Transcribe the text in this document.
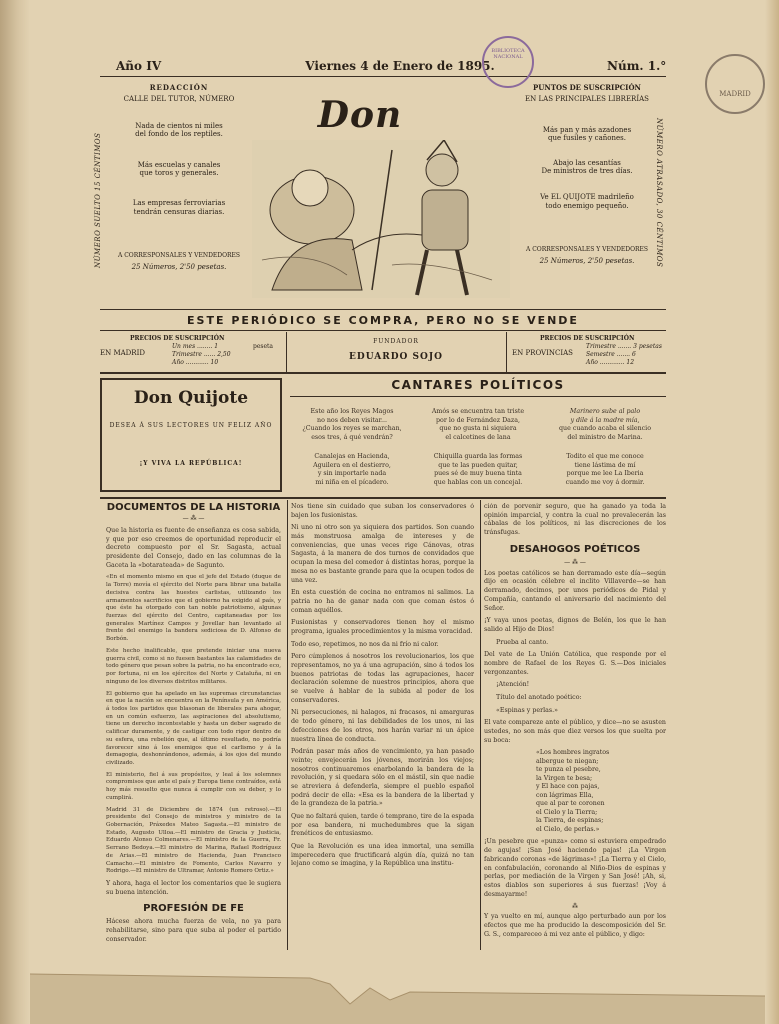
Año IV	Viernes 4 de Enero de 1895.	Núm. 1.°
BIBLIOTECA NACIONAL
MADRID
NÚMERO SUELTO 15 CÉNTIMOS	NÚMERO ATRASADO, 30 CÉNTIMOS
REDACCIÓN
CALLE DEL TUTOR, NÚMERO
Nada de cientos ni miles
del fondo de los reptiles.
Más escuelas y canales
que toros y generales.
Las empresas ferroviarias
tendrán censuras diarias.
A CORRESPONSALES Y VENDEDORES
25 Números, 2'50 pesetas.
PUNTOS DE SUSCRIPCIÓN
EN LAS PRINCIPALES LIBRERÍAS
Más pan y más azadones
que fusiles y cañones.
Abajo las cesantías
De ministros de tres días.
Ve EL QUIJOTE madrileño
todo enemigo pequeño.
A CORRESPONSALES Y VENDEDORES
25 Números, 2'50 pesetas.
Don
ESTE PERIÓDICO SE COMPRA, PERO NO SE VENDE
PRECIOS DE SUSCRIPCIÓN
EN MADRID
Un mes ........ 1
Trimestre ...... 2,50
Año ............ 10
peseta
FUNDADOR
EDUARDO SOJO
PRECIOS DE SUSCRIPCIÓN
EN PROVINCIAS
Trimestre ....... 3 pesetas
Semestre ....... 6
Año ............. 12
Don Quijote
DESEA Á SUS LECTORES UN FELIZ AÑO
¡Y VIVA LA REPÚBLICA!
CANTARES POLÍTICOS
Este año los Reyes Magos
no nos deben visitar...
¿Cuando los reyes se marchan,
esos tres, á qué vendrán?
Amós se encuentra tan triste
por lo de Fernández Daza,
que no gusta ni siquiera
el calcetines de lana
Marinero sube al palo
y dile á la madre mía,
que cuando acaba el silencio
del ministro de Marina.
Canalejas en Hacienda,
Aguilera en el destierro,
y sin importarle nada
mi niña en el pícadero.
Chiquilla guarda las formas
que te las pueden quitar,
pues sé de muy buena tinta
que hablas con un concejal.
Todito el que me conoce
tiene lástima de mí
porque me lee La Iberia
cuando me voy á dormir.
DOCUMENTOS DE LA HISTORIA
— ⁂ —

Que la historia es fuente de enseñanza es cosa sabida, y que por eso creemos de oportunidad reproducir el decreto compuesto por el Sr. Sagasta, actual presidente del Consejo, dado en las columnas de la Gaceta la «botarateada» de Sagunto.

«En el momento mismo en que el jefe del Estado (duque de la Torre) movía el ejército del Norte para librar una batalla decisiva contra las huestes carlistas, utilizando los armamentos sacrificios que el gobierno ha exigido al país, y que éste ha otorgado con tan noble patriotismo, algunas fuerzas del ejército del Centro, capitaneadas por los generales Martínez Campos y Jovellar han levantado al frente del enemigo la bandera sediciosa de D. Alfonso de Borbón.

Este hecho inalificable, que pretende iniciar una nueva guerra civil, como si no fuesen bastantes las calamidades de todo género que pesan sobre la patria, no ha encontrado eco, por fortuna, ni en los ejércitos del Norte y Cataluña, ni en ninguno de los diversos distritos militares.

El gobierno que ha apelado en las supremas circunstancias en que la nación se encuentra en la Península y en América, á todos los partidos que blasonan de liberales para ahogar, en un común esfuerzo, las aspiraciones del absolutismo, tiene un derecho incontestable y hasta un deber sagrado de calificar duramente, y de castigar con todo rigor dentro de su esfera, una rebelión que, al último resultado, no podría favorecer sino á los enemigos que el carlismo y á la demagogia, deshonrándonos, además, á los ojos del mundo civilizado.

El ministerio, fiel á sus propósitos, y leal á los solemnes compromisos que ante el país y Europa tiene contraídos, está hoy más resuelto que nunca á cumplir con su deber, y lo cumplirá.

Madrid 31 de Diciembre de 1874 (un retroso).—El presidente del Consejo de ministros y ministro de la Gobernación, Práxedes Mateo Sagasta.—El ministro de Estado, Augusto Ulloa.—El ministro de Gracia y Justicia, Eduardo Alonso Colmenares.—El ministro de la Guerra, Fr. Serrano Bedoya.—El ministro de Marina, Rafael Rodríguez de Arias.—El ministro de Hacienda, Juan Francisco Camacho.—El ministro de Fomento, Carlos Navarro y Rodrigo.—El ministro de Ultramar, Antonio Romero Ortiz.»

Y ahora, haga el lector los comentarios que le sugiera su buena intención.

PROFESIÓN DE FE

Hácese ahora mucha fuerza de vela, no ya para rehabilitarse, sino para que suba al poder el partido conservador.

Nos tiene sin cuidado que suban los conservadores ó bajen los fusionistas.

Ni uno ni otro son ya siquiera dos partidos. Son cuando más monstruosa amalga de intereses y de conveniencias, que unas veces rige Cánovas, otras Sagasta, á la manera de dos turnos de convidados que ocupan la mesa del comedor á distintas horas, porque la mesa no es bastante grande para que la ocupen todos de una vez.

En esta cuestión de cocina no entramos ni salimos. La patria no ha de ganar nada con que coman éstos ó coman aquéllos.

Fusionistas y conservadores tienen hoy el mismo programa, iguales procedimientos y la misma voracidad.

Todo eso, repetimos, no nos da ni frío ni calor.

Pero cúmplenos á nosotros los revolucionarios, los que representamos, no ya á una agrupación, sino á todos los buenos patriotas de todas las agrupaciones, hacer declaración solemne de nuestros principios, ahora que se vuelve á hablar de la subida al poder de los conservadores.

Ni persecuciones, ni halagos, ni fracasos, ni amarguras de todo género, ni las debilidades de los unos, ni las defecciones de los otros, nos harán variar ni un ápice nuestra línea de conducta.

Podrán pasar más años de vencimiento, ya han pasado veinte; envejecerán los jóvenes, morirán los viejos; nosotros continuaremos enarbolando la bandera de la revolución, y si quedara sólo en el mástil, sin que nadie se atreviera á defenderla, siempre el pueblo español podrá decir de ella: «Esa es la bandera de la libertad y de la grandeza de la patria.»

Que no faltará quien, tarde ó temprano, tire de la espada por esa bandera, ni muchedumbres que la sigan frenéticos de entusiasmo.

Que la Revolución es una idea inmortal, una semilla imperecedera que fructificará algún día, quizá no tan lejano como se imagina, y la República una institu-

ción de porvenir seguro, que ha ganado ya toda la opinión imparcial, y contra la cual no prevalecerán las cábalas de los políticos, ni las discreciones de los tránsfugas.

DESAHOGOS POÉTICOS
— ⁂ —

Los poetas católicos se han derramado este día—según dijo en ocasión célebre el inclito Villaverde—se han derramado, decimos, por unos periódicos de Pidal y Compañía, cantando el aniversario del nacimiento del Señor.

¡Y vaya unos poetas, dignos de Belén, los que le han salido al Hijo de Dios!

Prueba al canto.

Del vate de La Unión Católica, que responde por el nombre de Rafael de los Reyes G. S.—Dos iniciales vergonzantes.

¡Atención!

Título del anotado poético:

«Espinas y perlas.»

El vate compareze ante el público, y dice—no se asusten ustedes, no son más que diez versos los que suelta por su boca:

«Los hombres ingratos
albergue te niegan;
te punza el pesebre,
la Virgen te besa;
y El hace con pajas,
con lágrimas Ella,
que al par te coronen
el Cielo y la Tierra;
la Tierra, de espinas;
el Cielo, de perlas.»

¡Un pesebre que «punza» como si estuviera empedrado de agujas! ¡San José haciendo pajas! ¡La Virgen fabricando coronas «de lágrimas»! ¡La Tierra y el Cielo, en confabulación, coronando al Niño-Dios de espinas y perlas, por mediación de la Virgen y San José! ¡Ah, si, estos diablos son superiores á sus fuerzas! ¡Voy á desmayarme!

⁂

Y ya vuelto en mí, aunque algo perturbado aun por los efectos que me ha producido la descomposición del Sr. G. S., compareceo á mi vez ante el público, y digo:
